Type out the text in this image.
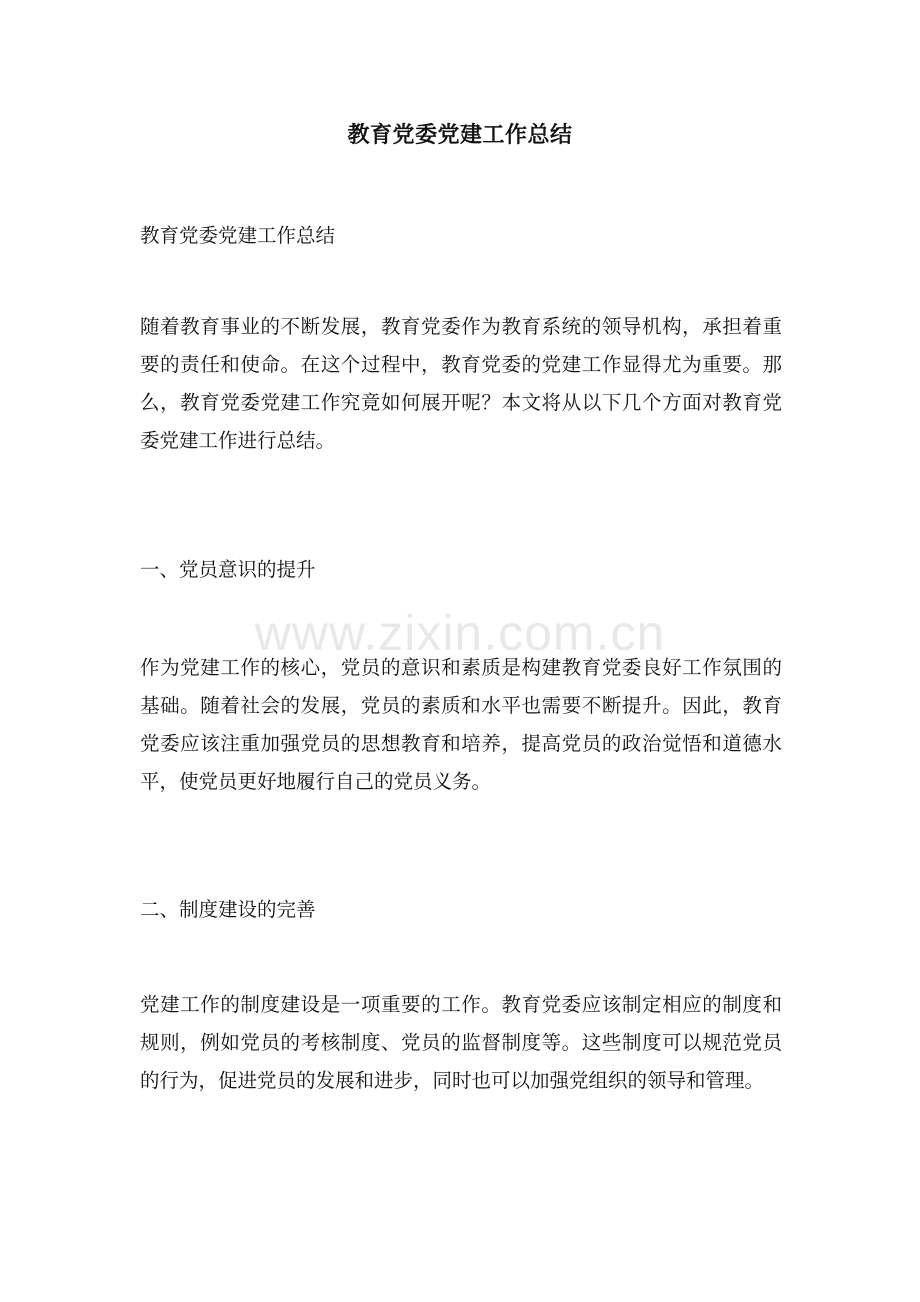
教育党委党建工作总结

教育党委党建工作总结

随着教育事业的不断发展，教育党委作为教育系统的领导机构，承担着重要的责任和使命。在这个过程中，教育党委的党建工作显得尤为重要。那么，教育党委党建工作究竟如何展开呢？本文将从以下几个方面对教育党委党建工作进行总结。

一、党员意识的提升

作为党建工作的核心，党员的意识和素质是构建教育党委良好工作氛围的基础。随着社会的发展，党员的素质和水平也需要不断提升。因此，教育党委应该注重加强党员的思想教育和培养，提高党员的政治觉悟和道德水平，使党员更好地履行自己的党员义务。

二、制度建设的完善

党建工作的制度建设是一项重要的工作。教育党委应该制定相应的制度和规则，例如党员的考核制度、党员的监督制度等。这些制度可以规范党员的行为，促进党员的发展和进步，同时也可以加强党组织的领导和管理。

www.zixin.com.cn
